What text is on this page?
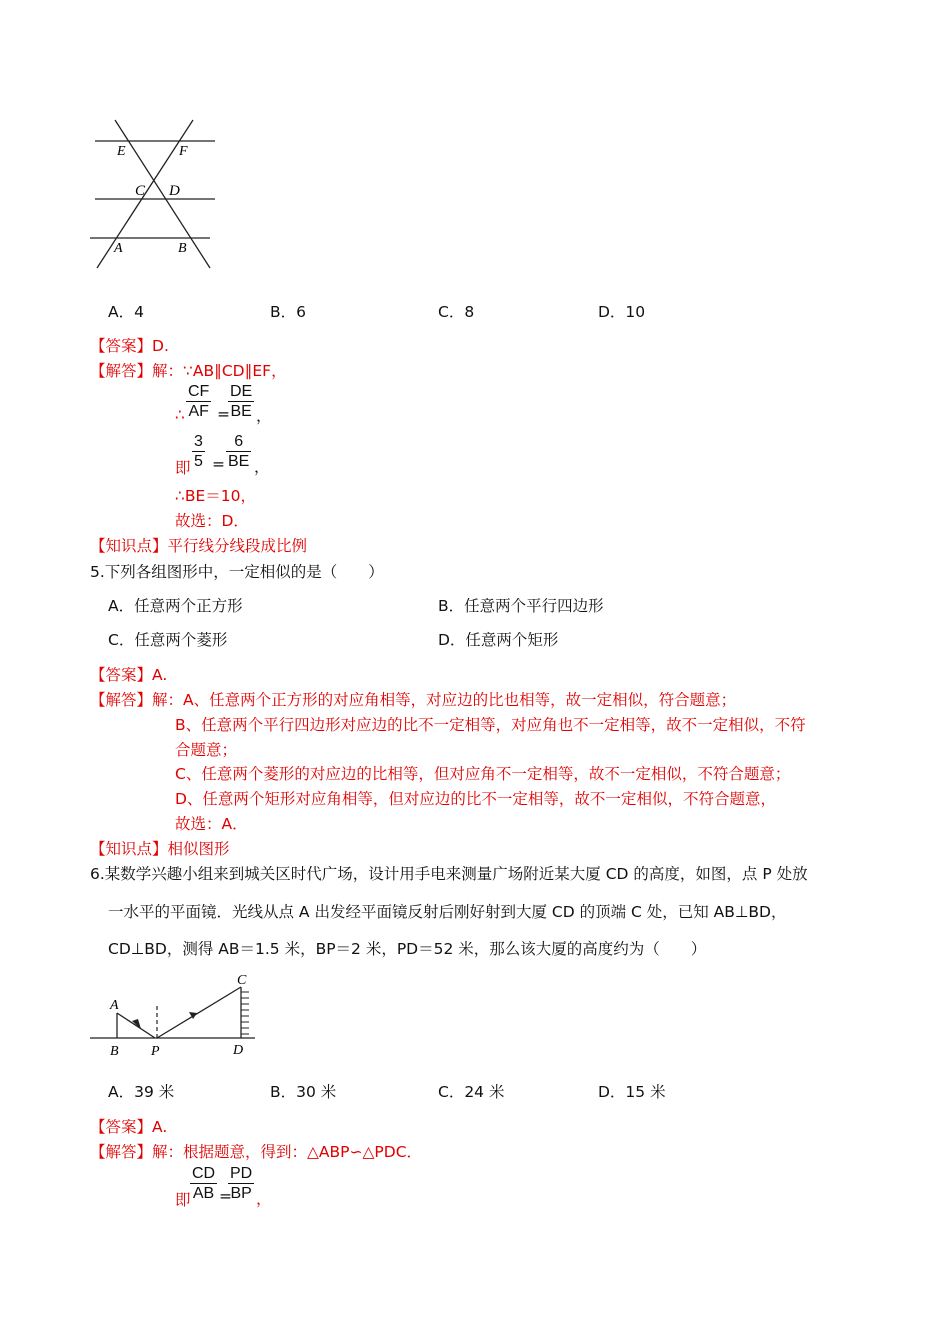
E	F
C D
A	B
A．4	B．6	C．8	D．10
【答案】D.
【解答】解：∵AB∥CD∥EF，
∴ $\frac{CF}{AF}$ =
$\frac{DE}{BE}$ ，
即 $\frac{3}{5} = \frac{6}{BE}$ ，
∴BE＝10，
故选：D．
【知识点】平行线分线段成比例
5.下列各组图形中，一定相似的是（　　）
A．任意两个正方形	B．任意两个平行四边形
C．任意两个菱形	D．任意两个矩形
【答案】A.
【解答】解：A、任意两个正方形的对应角相等，对应边的比也相等，故一定相似，符合题意；
B、任意两个平行四边形对应边的比不一定相等，对应角也不一定相等，故不一定相似，不符
合题意；
C、任意两个菱形的对应边的比相等，但对应角不一定相等，故不一定相似，不符合题意；
D、任意两个矩形对应角相等，但对应边的比不一定相等，故不一定相似，不符合题意，
故选：A．
【知识点】相似图形
6.某数学兴趣小组来到城关区时代广场，设计用手电来测量广场附近某大厦 CD 的高度，如图，点 P 处放
一水平的平面镜．光线从点 A 出发经平面镜反射后刚好射到大厦 CD 的顶端 C 处，已知 AB⊥BD，
CD⊥BD，测得 AB＝1.5 米，BP＝2 米，PD＝52 米，那么该大厦的高度约为（　　）
A
B P
C
D
A．39 米	B．30 米	C．24 米	D．15 米
【答案】A.
【解答】解：根据题意，得到：△ABP∽△PDC．
即 $\frac{CD}{AB}$ =
$\frac{PD}{BP}$ ，
